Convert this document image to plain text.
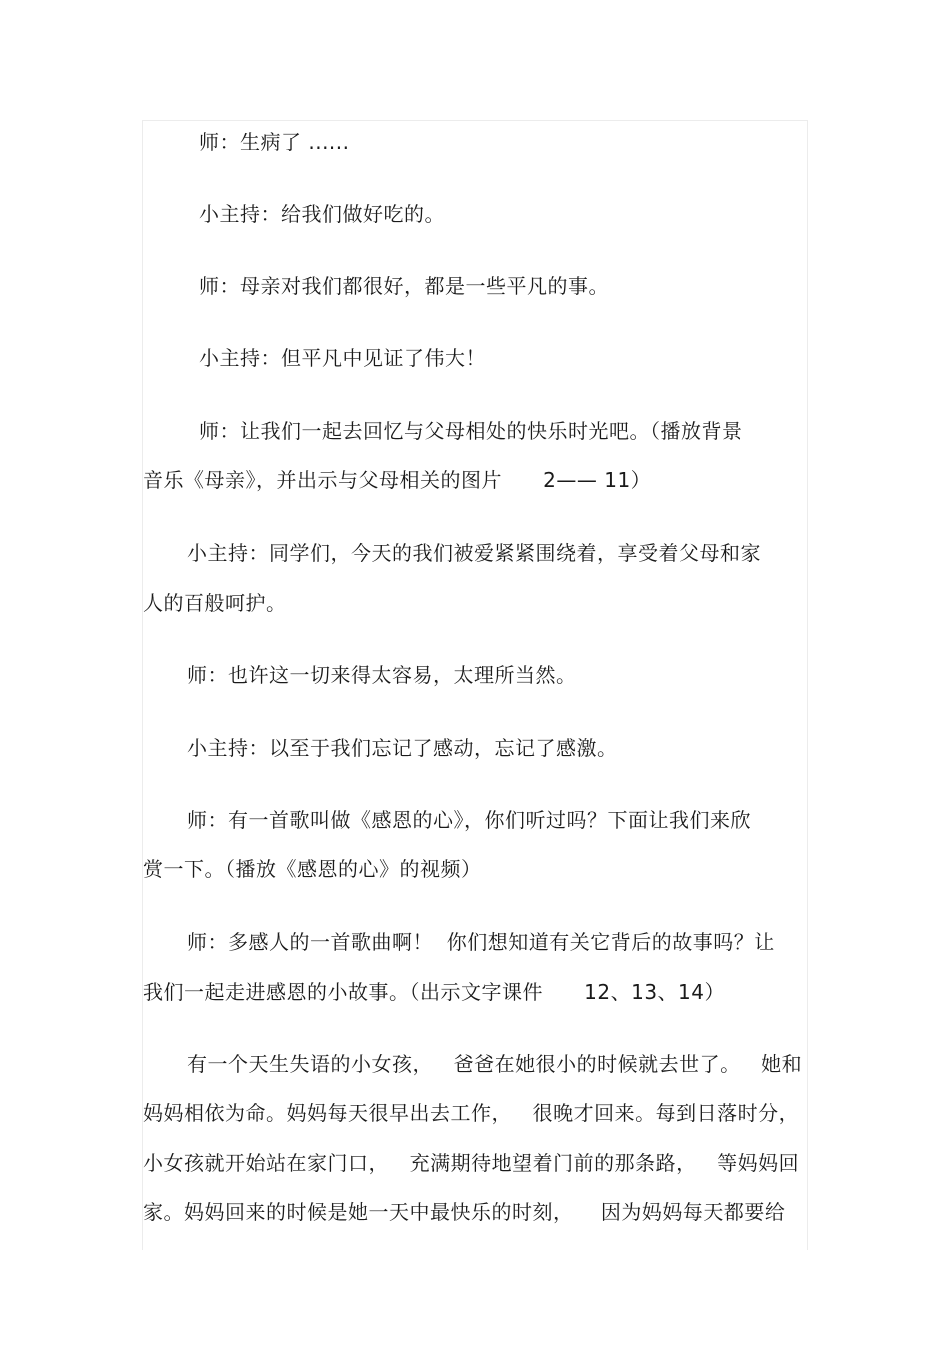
师：生病了 ......
小主持：给我们做好吃的。
师：母亲对我们都很好，都是一些平凡的事。
小主持：但平凡中见证了伟大！
师：让我们一起去回忆与父母相处的快乐时光吧。（播放背景
音乐《母亲》，并出示与父母相关的图片      2—— 11）
小主持：同学们，今天的我们被爱紧紧围绕着，享受着父母和家
人的百般呵护。
师：也许这一切来得太容易，太理所当然。
小主持：以至于我们忘记了感动，忘记了感激。
师：有一首歌叫做《感恩的心》，你们听过吗？下面让我们来欣
赏一下。（播放《感恩的心》的视频）
师：多感人的一首歌曲啊！  你们想知道有关它背后的故事吗？让
我们一起走进感恩的小故事。（出示文字课件      12、13、14）
有一个天生失语的小女孩，   爸爸在她很小的时候就去世了。   她和
妈妈相依为命。妈妈每天很早出去工作，   很晚才回来。每到日落时分，
小女孩就开始站在家门口，   充满期待地望着门前的那条路，   等妈妈回
家。妈妈回来的时候是她一天中最快乐的时刻，    因为妈妈每天都要给
